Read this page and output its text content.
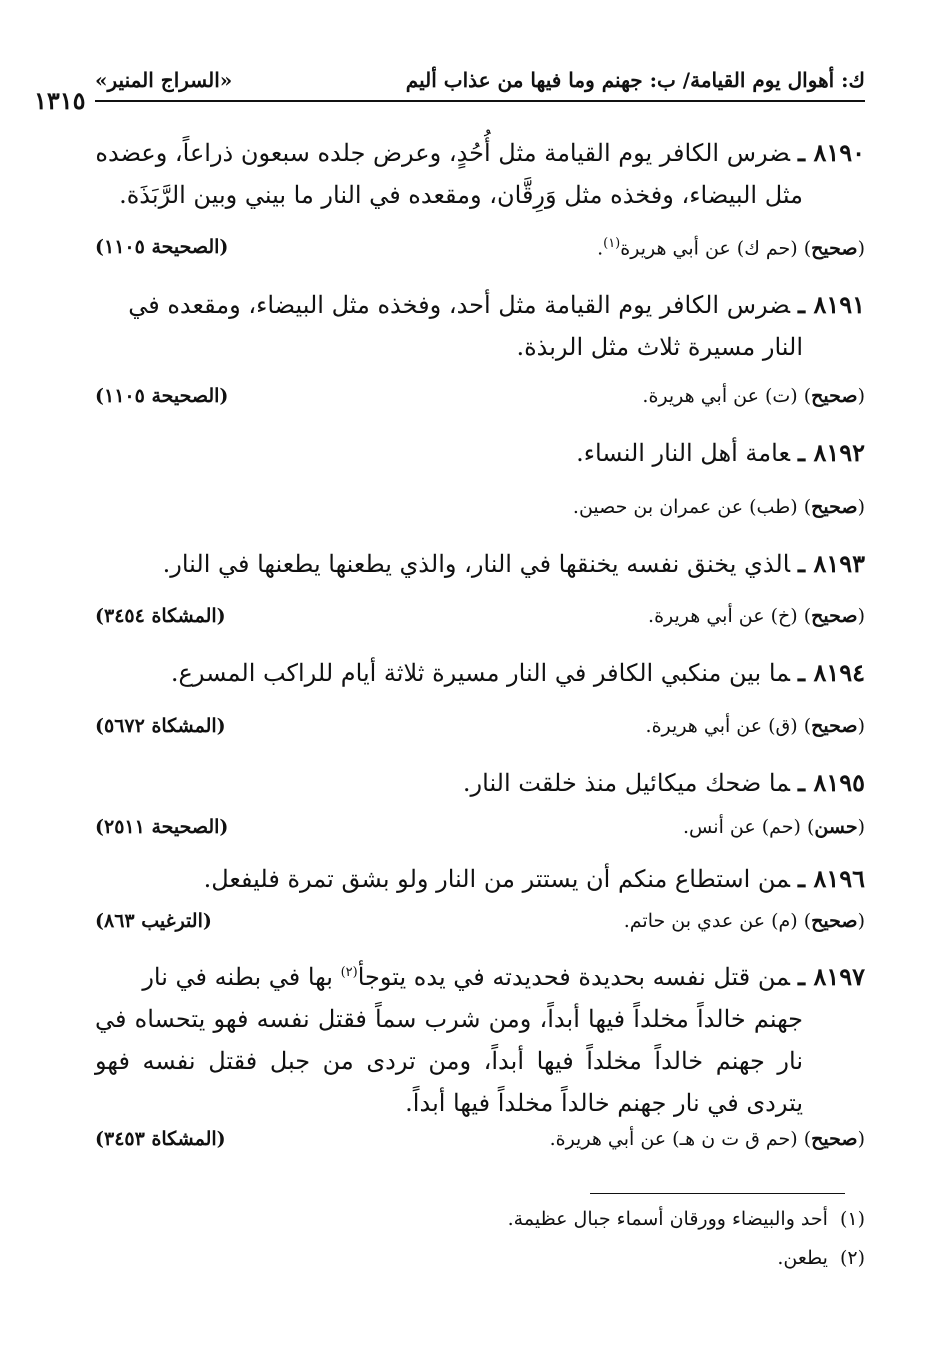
ك: أهوال يوم القيامة/ ب: جهنم وما فيها من عذاب أليم
«السراج المنير»
١٣١٥
٨١٩٠ ـضرس الكافر يوم القيامة مثل أُحُدٍ، وعرض جلده سبعون ذراعاً، وعضده
مثل البيضاء، وفخذه مثل وَرِقَّان، ومقعده في النار ما بيني وبين الرَّبَذَة.
(صحيح) (حم ك) عن أبي هريرة$^{(١)}$.
(الصحيحة ١١٠٥)
٨١٩١ ـضرس الكافر يوم القيامة مثل أحد، وفخذه مثل البيضاء، ومقعده في
النار مسيرة ثلاث مثل الربذة.
(صحيح) (ت) عن أبي هريرة.
(الصحيحة ١١٠٥)
٨١٩٢ ـعامة أهل النار النساء.
(صحيح) (طب) عن عمران بن حصين.
٨١٩٣ ـالذي يخنق نفسه يخنقها في النار، والذي يطعنها يطعنها في النار.
(صحيح) (خ) عن أبي هريرة.
(المشكاة ٣٤٥٤)
٨١٩٤ ـما بين منكبي الكافر في النار مسيرة ثلاثة أيام للراكب المسرع.
(صحيح) (ق) عن أبي هريرة.
(المشكاة ٥٦٧٢)
٨١٩٥ ـما ضحك ميكائيل منذ خلقت النار.
(حسن) (حم) عن أنس.
(الصحيحة ٢٥١١)
٨١٩٦ ـمن استطاع منكم أن يستتر من النار ولو بشق تمرة فليفعل.
(صحيح) (م) عن عدي بن حاتم.
(الترغيب ٨٦٣)
٨١٩٧ ـمن قتل نفسه بحديدة فحديدته في يده يتوجأ$^{(٢)}$ بها في بطنه في نار
جهنم خالداً مخلداً فيها أبداً، ومن شرب سماً فقتل نفسه فهو يتحساه في نار جهنم خالداً مخلداً فيها أبداً، ومن تردى من جبل فقتل نفسه فهو يتردى في نار جهنم خالداً مخلداً فيها أبداً.
(صحيح) (حم ق ت ن هـ) عن أبي هريرة.
(المشكاة ٣٤٥٣)
(١)أحد والبيضاء وورقان أسماء جبال عظيمة.
(٢)يطعن.
